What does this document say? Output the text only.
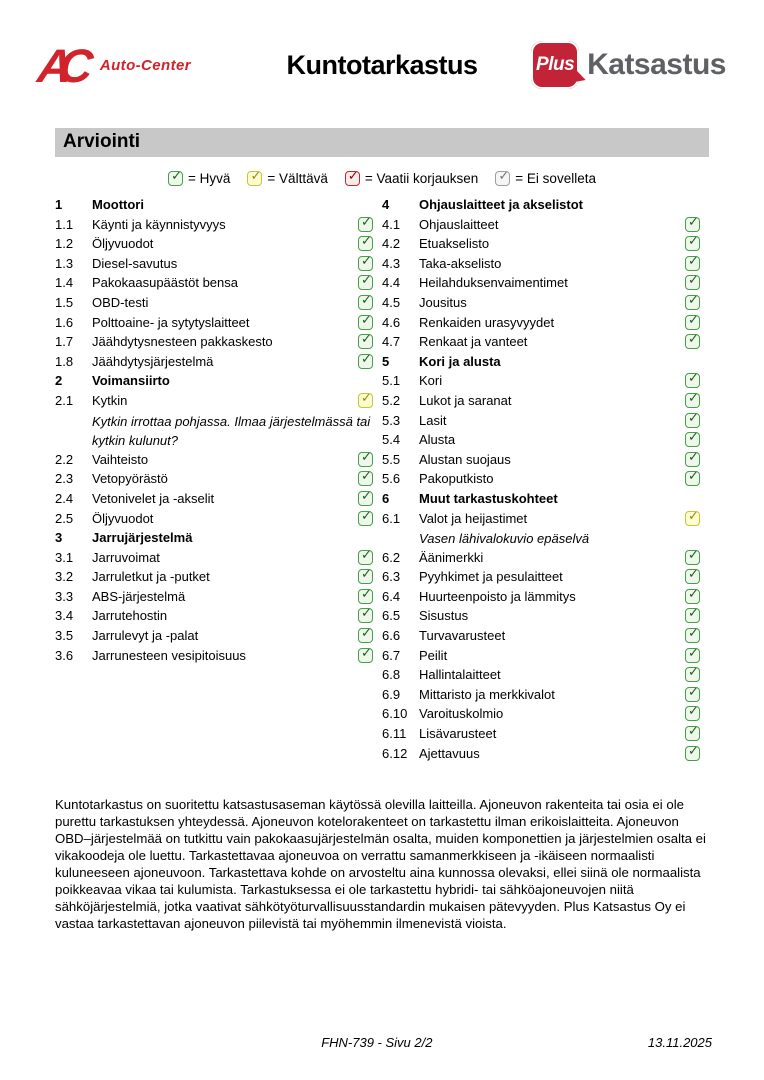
AC	Auto-Center	Kuntotarkastus	Plus Katsastus
Arviointi
✓ = Hyvä ✓ = Välttävä ✓ = Vaatii korjauksen ✓ = Ei sovelleta
1	Moottori
1.1	Käynti ja käynnistyvyys	✓
1.2	Öljyvuodot	✓
1.3	Diesel-savutus	✓
1.4	Pakokaasupäästöt bensa	✓
1.5	OBD-testi	✓
1.6	Polttoaine- ja sytytyslaitteet	✓
1.7	Jäähdytysnesteen pakkaskesto	✓
1.8	Jäähdytysjärjestelmä	✓
2	Voimansiirto
2.1	Kytkin	✓
Kytkin irrottaa pohjassa. Ilmaa järjestelmässä tai kytkin kulunut?
2.2	Vaihteisto	✓
2.3	Vetopyörästö	✓
2.4	Vetonivelet ja -akselit	✓
2.5	Öljyvuodot	✓
3	Jarrujärjestelmä
3.1	Jarruvoimat	✓
3.2	Jarruletkut ja -putket	✓
3.3	ABS-järjestelmä	✓
3.4	Jarrutehostin	✓
3.5	Jarrulevyt ja -palat	✓
3.6	Jarrunesteen vesipitoisuus	✓
4	Ohjauslaitteet ja akselistot
4.1	Ohjauslaitteet	✓
4.2	Etuakselisto	✓
4.3	Taka-akselisto	✓
4.4	Heilahduksenvaimentimet	✓
4.5	Jousitus	✓
4.6	Renkaiden urasyvyydet	✓
4.7	Renkaat ja vanteet	✓
5	Kori ja alusta
5.1	Kori	✓
5.2	Lukot ja saranat	✓
5.3	Lasit	✓
5.4	Alusta	✓
5.5	Alustan suojaus	✓
5.6	Pakoputkisto	✓
6	Muut tarkastuskohteet
6.1	Valot ja heijastimet	✓
Vasen lähivalokuvio epäselvä
6.2	Äänimerkki	✓
6.3	Pyyhkimet ja pesulaitteet	✓
6.4	Huurteenpoisto ja lämmitys	✓
6.5	Sisustus	✓
6.6	Turvavarusteet	✓
6.7	Peilit	✓
6.8	Hallintalaitteet	✓
6.9	Mittaristo ja merkkivalot	✓
6.10 Varoituskolmio	✓
6.11 Lisävarusteet	✓
6.12 Ajettavuus	✓

Kuntotarkastus on suoritettu katsastusaseman käytössä olevilla laitteilla. Ajoneuvon rakenteita tai osia ei ole purettu tarkastuksen yhteydessä. Ajoneuvon kotelorakenteet on tarkastettu ilman erikoislaitteita. Ajoneuvon OBD–järjestelmää on tutkittu vain pakokaasujärjestelmän osalta, muiden komponettien ja järjestelmien osalta ei vikakoodeja ole luettu. Tarkastettavaa ajoneuvoa on verrattu samanmerkkiseen ja -ikäiseen normaalisti kuluneeseen ajoneuvoon. Tarkastettava kohde on arvosteltu aina kunnossa olevaksi, ellei siinä ole normaalista poikkeavaa vikaa tai kulumista. Tarkastuksessa ei ole tarkastettu hybridi- tai sähköajoneuvojen niitä sähköjärjestelmiä, jotka vaativat sähkötyöturvallisuusstandardin mukaisen pätevyyden. Plus Katsastus Oy ei vastaa tarkastettavan ajoneuvon piilevistä tai myöhemmin ilmenevistä vioista.

FHN-739 - Sivu 2/2	13.11.2025
